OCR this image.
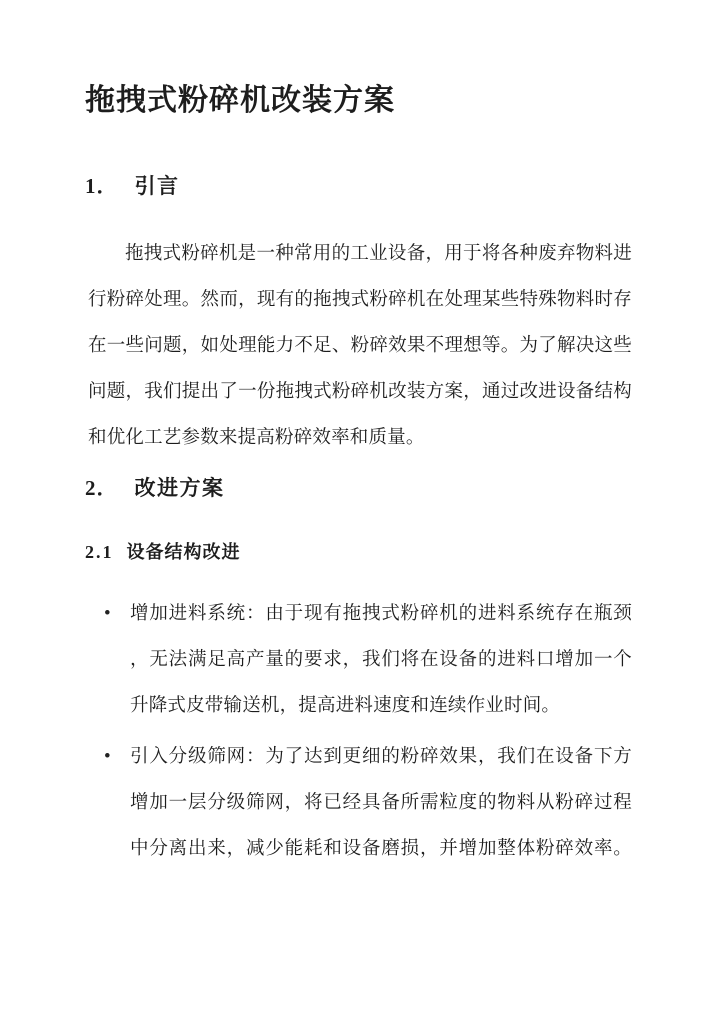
拖拽式粉碎机改装方案
1． 引言
拖拽式粉碎机是一种常用的工业设备，用于将各种废弃物料进
行粉碎处理。然而，现有的拖拽式粉碎机在处理某些特殊物料时存
在一些问题，如处理能力不足、粉碎效果不理想等。为了解决这些
问题，我们提出了一份拖拽式粉碎机改装方案，通过改进设备结构
和优化工艺参数来提高粉碎效率和质量。
2． 改进方案
2.1 设备结构改进
• 增加进料系统：由于现有拖拽式粉碎机的进料系统存在瓶颈
，无法满足高产量的要求，我们将在设备的进料口增加一个
升降式皮带输送机，提高进料速度和连续作业时间。
• 引入分级筛网：为了达到更细的粉碎效果，我们在设备下方
增加一层分级筛网，将已经具备所需粒度的物料从粉碎过程
中分离出来，减少能耗和设备磨损，并增加整体粉碎效率。
